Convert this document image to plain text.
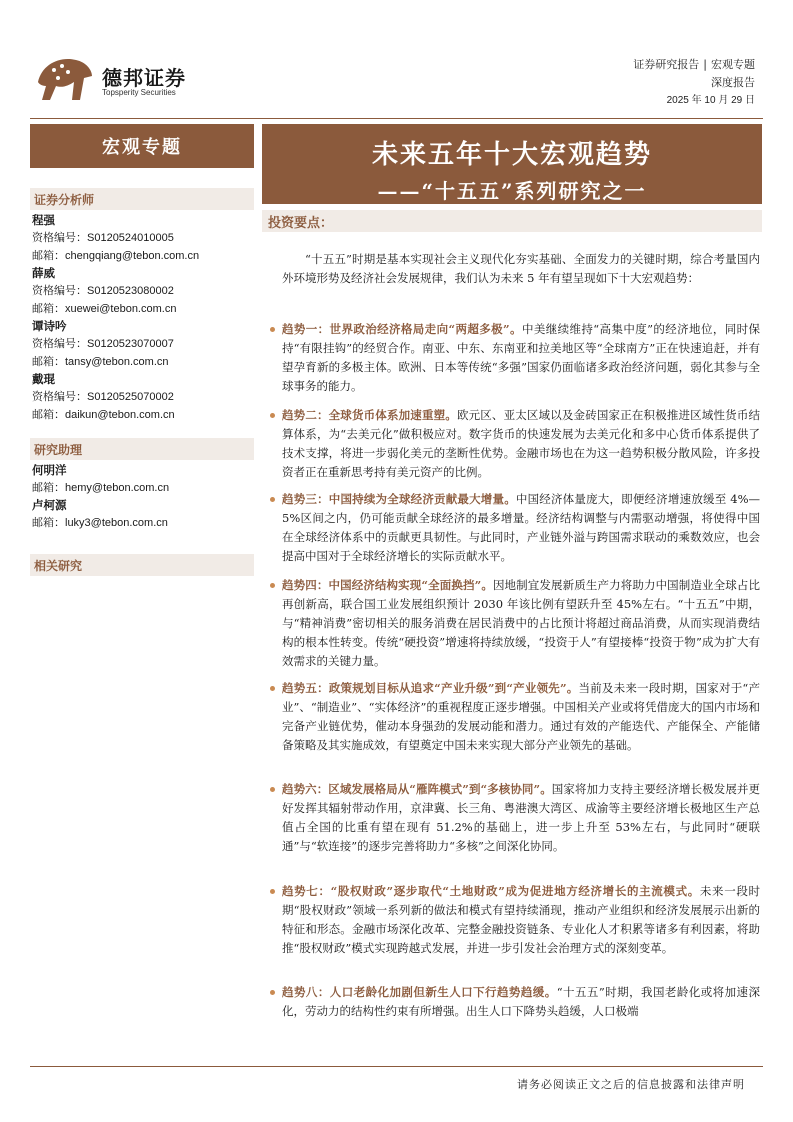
德邦证券
Topsperity Securities
证券研究报告 | 宏观专题
深度报告
2025 年 10 月 29 日
宏观专题
证券分析师
程强
资格编号：S0120524010005
邮箱：chengqiang@tebon.com.cn
薛威
资格编号：S0120523080002
邮箱：xuewei@tebon.com.cn
谭诗吟
资格编号：S0120523070007
邮箱：tansy@tebon.com.cn
戴琨
资格编号：S0120525070002
邮箱：daikun@tebon.com.cn
研究助理
何明洋
邮箱：hemy@tebon.com.cn
卢柯源
邮箱：luky3@tebon.com.cn
相关研究
未来五年十大宏观趋势
——“十五五”系列研究之一
投资要点：
“十五五”时期是基本实现社会主义现代化夯实基础、全面发力的关键时期，综合考量国内外环境形势及经济社会发展规律，我们认为未来 5 年有望呈现如下十大宏观趋势：
趋势一：世界政治经济格局走向“两超多极”。中美继续维持“高集中度”的经济地位，同时保持“有限挂钩”的经贸合作。南亚、中东、东南亚和拉美地区等“全球南方”正在快速追赶，并有望孕育新的多极主体。欧洲、日本等传统“多强”国家仍面临诸多政治经济问题，弱化其参与全球事务的能力。
趋势二：全球货币体系加速重塑。欧元区、亚太区域以及金砖国家正在积极推进区域性货币结算体系，为“去美元化”做积极应对。数字货币的快速发展为去美元化和多中心货币体系提供了技术支撑，将进一步弱化美元的垄断性优势。金融市场也在为这一趋势积极分散风险，许多投资者正在重新思考持有美元资产的比例。
趋势三：中国持续为全球经济贡献最大增量。中国经济体量庞大，即便经济增速放缓至 4%—5%区间之内，仍可能贡献全球经济的最多增量。经济结构调整与内需驱动增强，将使得中国在全球经济体系中的贡献更具韧性。与此同时，产业链外溢与跨国需求联动的乘数效应，也会提高中国对于全球经济增长的实际贡献水平。
趋势四：中国经济结构实现“全面换挡”。因地制宜发展新质生产力将助力中国制造业全球占比再创新高，联合国工业发展组织预计 2030 年该比例有望跃升至 45%左右。“十五五”中期，与“精神消费”密切相关的服务消费在居民消费中的占比预计将超过商品消费，从而实现消费结构的根本性转变。传统“硬投资”增速将持续放缓，“投资于人”有望接棒“投资于物”成为扩大有效需求的关键力量。
趋势五：政策规划目标从追求“产业升级”到“产业领先”。当前及未来一段时期，国家对于“产业”、“制造业”、“实体经济”的重视程度正逐步增强。中国相关产业或将凭借庞大的国内市场和完备产业链优势，催动本身强劲的发展动能和潜力。通过有效的产能迭代、产能保全、产能储备策略及其实施成效，有望奠定中国未来实现大部分产业领先的基础。
趋势六：区域发展格局从“雁阵模式”到“多核协同”。国家将加力支持主要经济增长极发展并更好发挥其辐射带动作用，京津冀、长三角、粤港澳大湾区、成渝等主要经济增长极地区生产总值占全国的比重有望在现有 51.2%的基础上，进一步上升至 53%左右，与此同时“硬联通”与“软连接”的逐步完善将助力“多核”之间深化协同。
趋势七：“股权财政”逐步取代“土地财政”成为促进地方经济增长的主流模式。未来一段时期“股权财政”领域一系列新的做法和模式有望持续涌现，推动产业组织和经济发展展示出新的特征和形态。金融市场深化改革、完整金融投资链条、专业化人才积累等诸多有利因素，将助推“股权财政”模式实现跨越式发展，并进一步引发社会治理方式的深刻变革。
趋势八：人口老龄化加剧但新生人口下行趋势趋缓。“十五五”时期，我国老龄化或将加速深化，劳动力的结构性约束有所增强。出生人口下降势头趋缓，人口极端
请务必阅读正文之后的信息披露和法律声明
